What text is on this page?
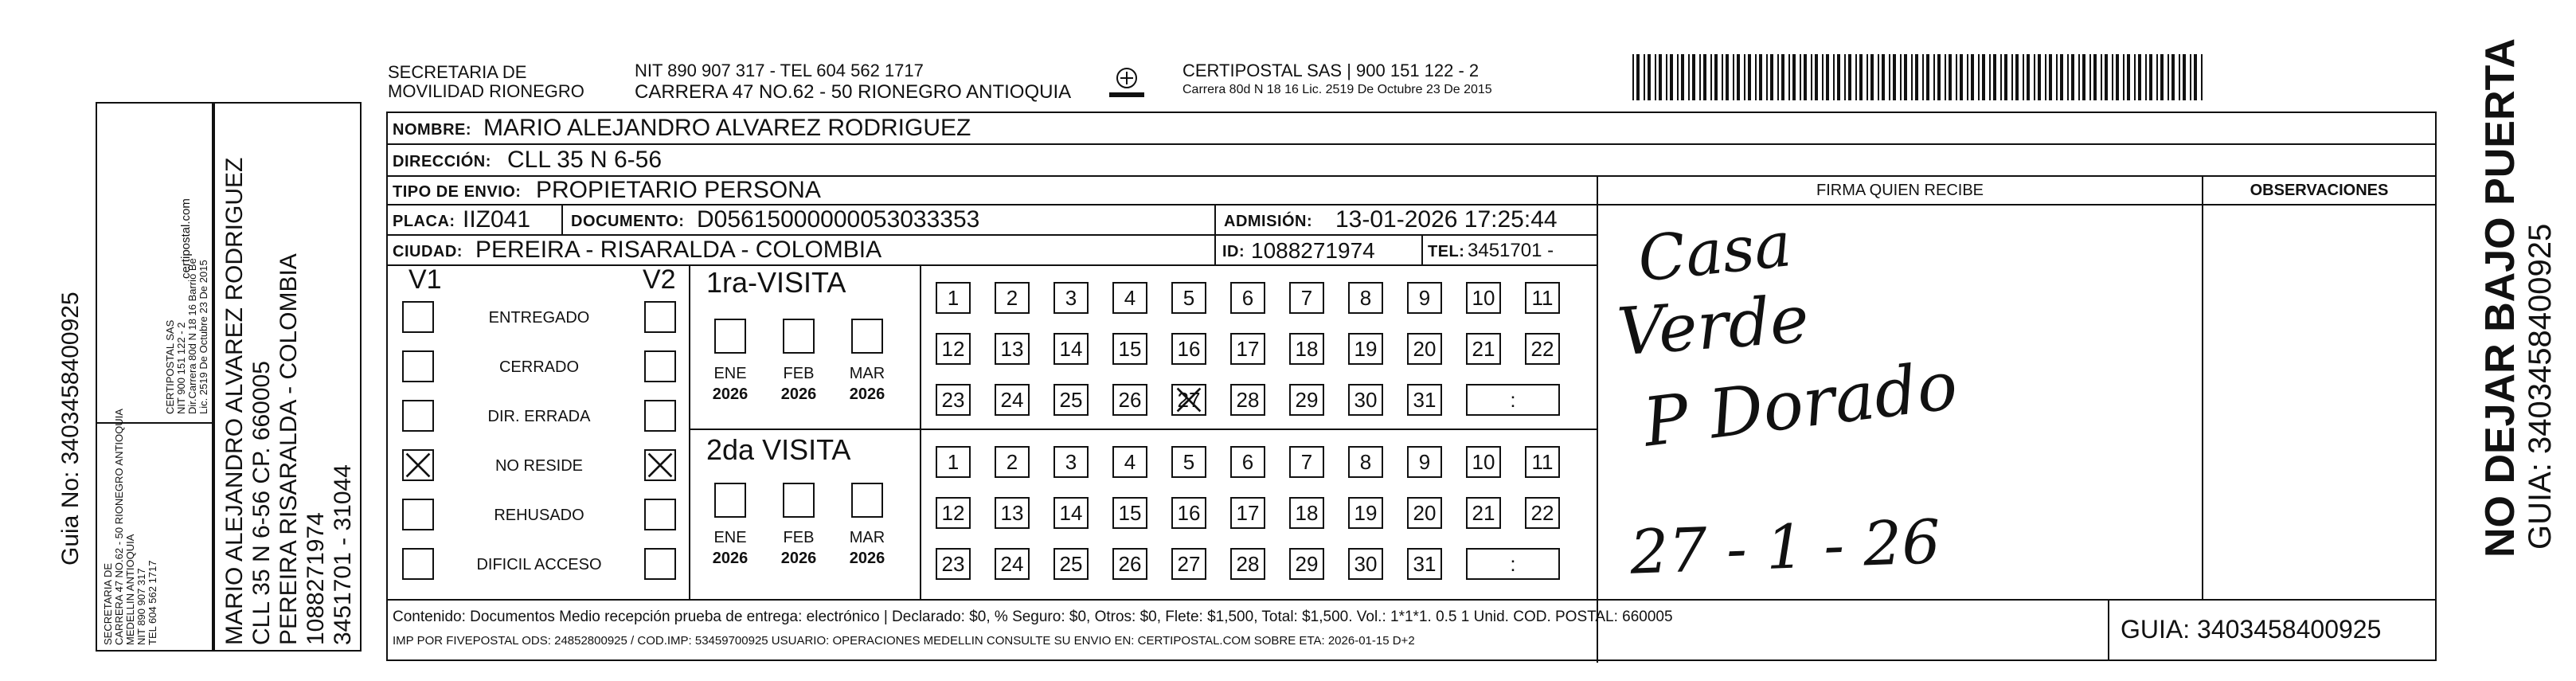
Guia No: 3403458400925
SECRETARIA DE CARRERA 47 NO.62 - 50 RIONEGRO ANTIOQUIA MEDELLIN ANTIOQUIA NIT 890 907 317 TEL 604 562 1717
CERTIPOSTAL SAS NIT 900 151 122 - 2 Dir.Carrera 80d N 18 16 Barrio Be Lic. 2519 De Octubre 23 De 2015
certipostal.com MARIO ALEJANDRO ALVAREZ RODRIGUEZ CLL 35 N 6-56 CP. 660005 PEREIRA RISARALDA - COLOMBIA 1088271974 3451701 - 31044
SECRETARIA DE
MOVILIDAD RIONEGRO
NIT 890 907 317 - TEL 604 562 1717
CARRERA 47 NO.62 - 50 RIONEGRO ANTIOQUIA
CERTIPOSTAL SAS | 900 151 122 - 2
Carrera 80d N 18 16 Lic. 2519 De Octubre 23 De 2015
NOMBRE: MARIO ALEJANDRO ALVAREZ RODRIGUEZ
DIRECCIÓN: CLL 35 N 6-56
TIPO DE ENVIO: PROPIETARIO PERSONA
PLACA: IIZ041	DOCUMENTO: D05615000000053033353	ADMISIÓN: 13-01-2026 17:25:44
CIUDAD: PEREIRA - RISARALDA - COLOMBIA	ID: 1088271974	TEL: 3451701 -
V1	V2
ENTREGADO
CERRADO
DIR. ERRADA
NO RESIDE
REHUSADO
DIFICIL ACCESO
1ra-VISITA
ENE
2026
FEB
2026
MAR
2026
1	2	3	4	5	6	7	8	9	10	11
12 13 14 15 16 17 18 19 20 21 22
23 24 25 26 27 28 29 30 31	:
2da VISITA
ENE
2026
FEB
2026
MAR
2026
1	2	3	4	5	6	7	8	9	10	11
12 13 14 15 16 17 18 19 20 21 22
23 24 25 26 27 28 29 30 31	:
Contenido: Documentos Medio recepción prueba de entrega: electrónico | Declarado: $0, % Seguro: $0, Otros: $0, Flete: $1,500, Total: $1,500. Vol.: 1*1*1. 0.5 1 Unid. COD. POSTAL: 660005
IMP POR FIVEPOSTAL ODS: 24852800925 / COD.IMP: 53459700925 USUARIO: OPERACIONES MEDELLIN CONSULTE SU ENVIO EN: CERTIPOSTAL.COM SOBRE ETA: 2026-01-15 D+2
FIRMA QUIEN RECIBE
Casa
Verde
P Dorado
27 - 1 - 26
OBSERVACIONES
GUIA: 3403458400925
NO DEJAR BAJO PUERTA GUIA: 3403458400925
